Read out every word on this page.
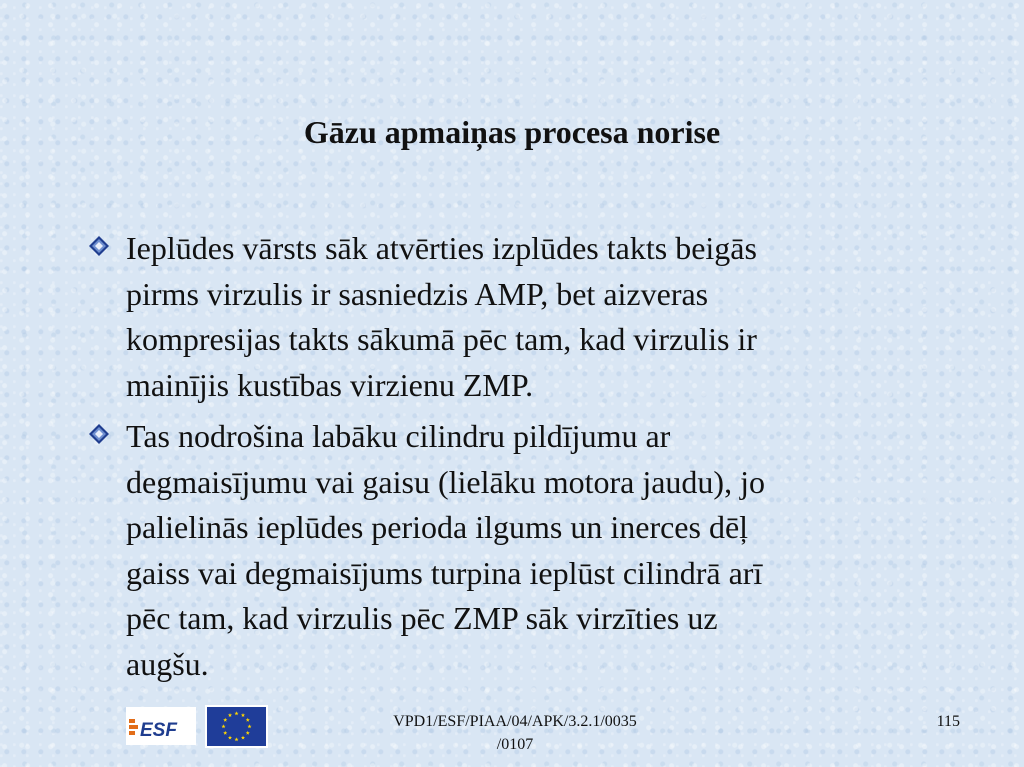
Gāzu apmaiņas procesa norise
Ieplūdes vārsts sāk atvērties izplūdes takts beigās
pirms virzulis ir sasniedzis AMP, bet aizveras
kompresijas takts sākumā pēc tam, kad virzulis ir
mainījis kustības virzienu ZMP.
Tas nodrošina labāku cilindru pildījumu ar
degmaisījumu vai gaisu (lielāku motora jaudu), jo
palielinās ieplūdes perioda ilgums un inerces dēļ
gaiss vai degmaisījums turpina ieplūst cilindrā arī
pēc tam, kad virzulis pēc ZMP sāk virzīties uz
augšu.
ESF	VPD1/ESF/PIAA/04/APK/3.2.1/0035
/0107
115
